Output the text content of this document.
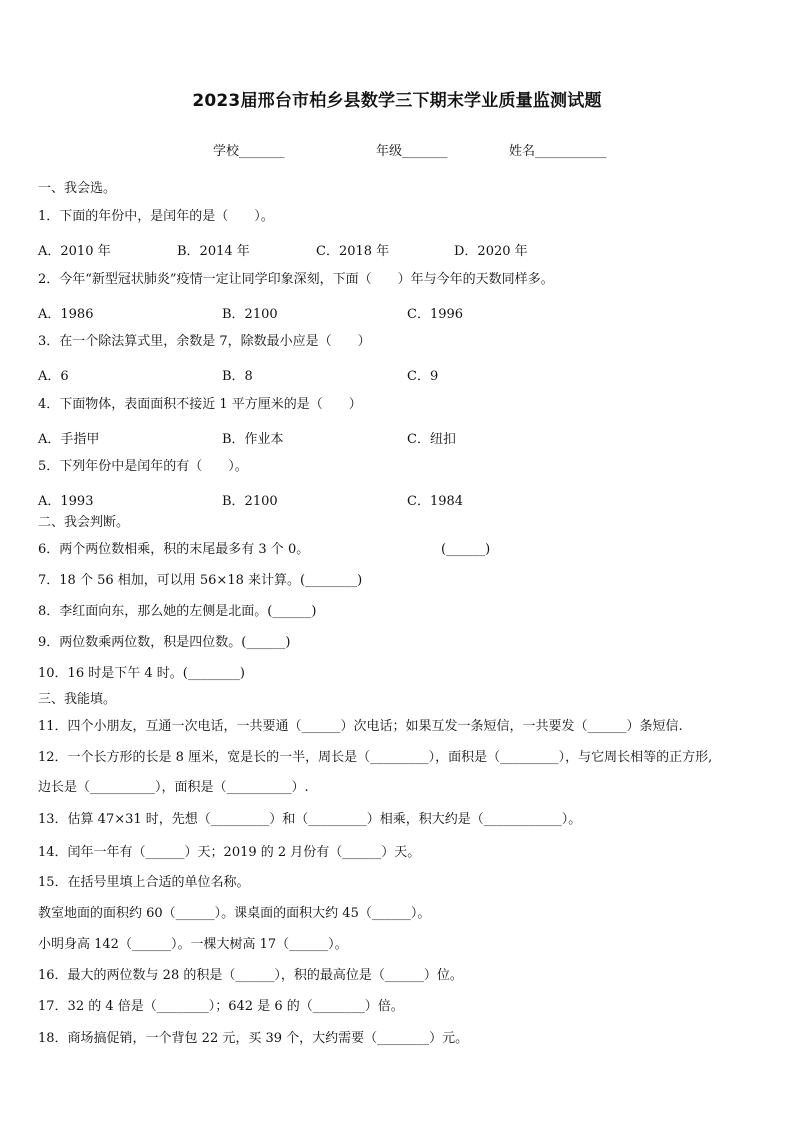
2023届邢台市柏乡县数学三下期末学业质量监测试题
学校_______	年级_______	姓名___________
一、我会选。
1．下面的年份中，是闰年的是（　　）。
A．2010 年	B．2014 年	C．2018 年	D．2020 年
2．今年“新型冠状肺炎”疫情一定让同学印象深刻，下面（　　）年与今年的天数同样多。
A．1986	B．2100	C．1996
3．在一个除法算式里，余数是 7，除数最小应是（　　）
A．6	B．8	C．9
4．下面物体，表面面积不接近 1 平方厘米的是（　　）
A．手指甲	B．作业本	C．纽扣
5．下列年份中是闰年的有（　　）。
A．1993	B．2100	C．1984
二、我会判断。
6．两个两位数相乘，积的末尾最多有 3 个 0。	(______)
7．18 个 56 相加，可以用 56×18 来计算。(________)
8．李红面向东，那么她的左侧是北面。(______)
9．两位数乘两位数，积是四位数。(______)
10．16 时是下午 4 时。(________)
三、我能填。
11．四个小朋友，互通一次电话，一共要通（______）次电话；如果互发一条短信，一共要发（______）条短信.
12．一个长方形的长是 8 厘米，宽是长的一半，周长是（_________），面积是（_________），与它周长相等的正方形,
边长是（__________），面积是（__________）.
13．估算 47×31 时，先想（_________）和（_________）相乘，积大约是（____________）。
14．闰年一年有（______）天；2019 的 2 月份有（______）天。
15．在括号里填上合适的单位名称。
教室地面的面积约 60（______）。课桌面的面积大约 45（______）。
小明身高 142（______）。一棵大树高 17（______）。
16．最大的两位数与 28 的积是（______），积的最高位是（______）位。
17．32 的 4 倍是（________）；642 是 6 的（________）倍。
18．商场搞促销，一个背包 22 元，买 39 个，大约需要（________）元。
